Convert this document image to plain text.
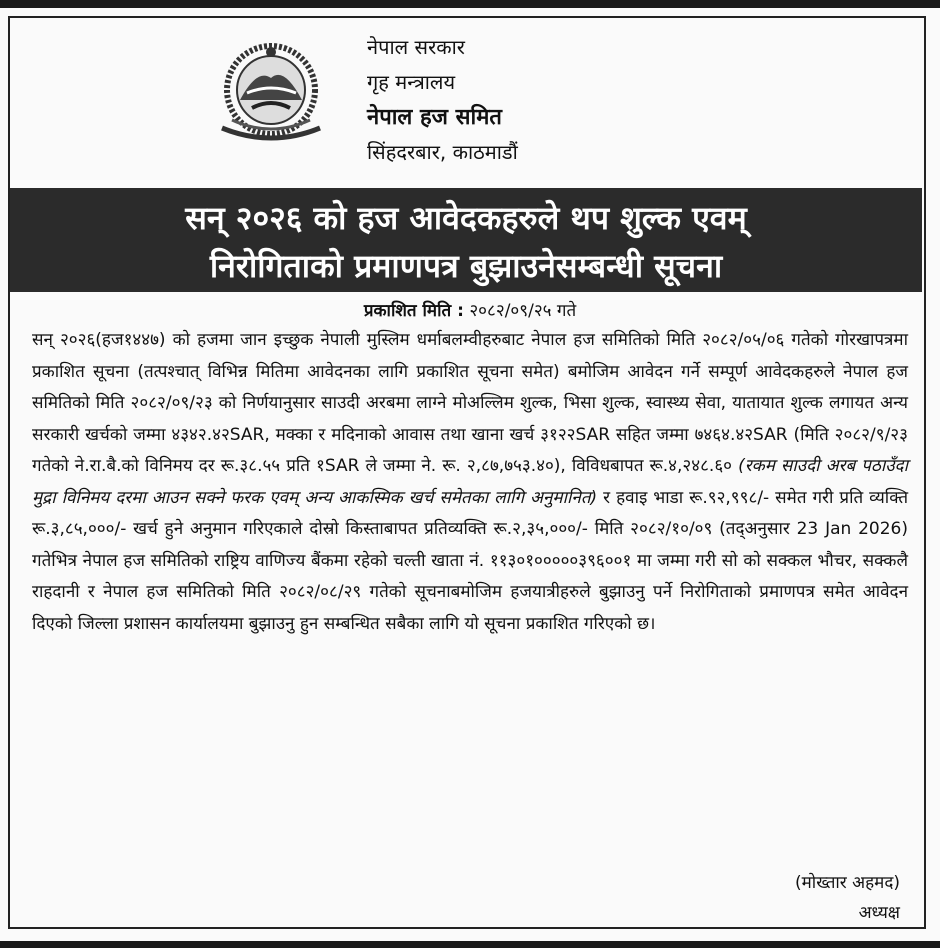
नेपाल सरकार
गृह मन्त्रालय
नेपाल हज समित
सिंहदरबार, काठमाडौं
सन् २०२६ को हज आवेदकहरुले थप शुल्क एवम्
निरोगिताको प्रमाणपत्र बुझाउनेसम्बन्धी सूचना
प्रकाशित मिति : २०८२/०९/२५ गते
सन् २०२६(हज१४४७) को हजमा जान इच्छुक नेपाली मुस्लिम धर्माबलम्वीहरुबाट नेपाल हज समितिको मिति २०८२/०५/०६ गतेको गोरखापत्रमा प्रकाशित सूचना (तत्पश्चात् विभिन्न मितिमा आवेदनका लागि प्रकाशित सूचना समेत) बमोजिम आवेदन गर्ने सम्पूर्ण आवेदकहरुले नेपाल हज समितिको मिति २०८२/०९/२३ को निर्णयानुसार साउदी अरबमा लाग्ने मोअल्लिम शुल्क, भिसा शुल्क, स्वास्थ्य सेवा, यातायात शुल्क लगायत अन्य सरकारी खर्चको जम्मा ४३४२.४२SAR, मक्का र मदिनाको आवास तथा खाना खर्च ३१२२SAR सहित जम्मा ७४६४.४२SAR (मिति २०८२/९/२३ गतेको ने.रा.बै.को विनिमय दर रू.३८.५५ प्रति १SAR ले जम्मा ने. रू. २,८७,७५३.४०), विविधबापत रू.४,२४८.६० (रकम साउदी अरब पठाउँदा मुद्रा विनिमय दरमा आउन सक्ने फरक एवम् अन्य आकस्मिक खर्च समेतका लागि अनुमानित) र हवाइ भाडा रू.९२,९९८/- समेत गरी प्रति व्यक्ति रू.३,८५,०००/- खर्च हुने अनुमान गरिएकाले दोस्रो किस्ताबापत प्रतिव्यक्ति रू.२,३५,०००/- मिति २०८२/१०/०९ (तद्अनुसार 23 Jan 2026) गतेभित्र नेपाल हज समितिको राष्ट्रिय वाणिज्य बैंकमा रहेको चल्ती खाता नं. ११३०१०००००३९६००१ मा जम्मा गरी सो को सक्कल भौचर, सक्कलै राहदानी र नेपाल हज समितिको मिति २०८२/०८/२९ गतेको सूचनाबमोजिम हजयात्रीहरुले बुझाउनु पर्ने निरोगिताको प्रमाणपत्र समेत आवेदन दिएको जिल्ला प्रशासन कार्यालयमा बुझाउनु हुन सम्बन्धित सबैका लागि यो सूचना प्रकाशित गरिएको छ।
(मोख्तार अहमद)
अध्यक्ष
